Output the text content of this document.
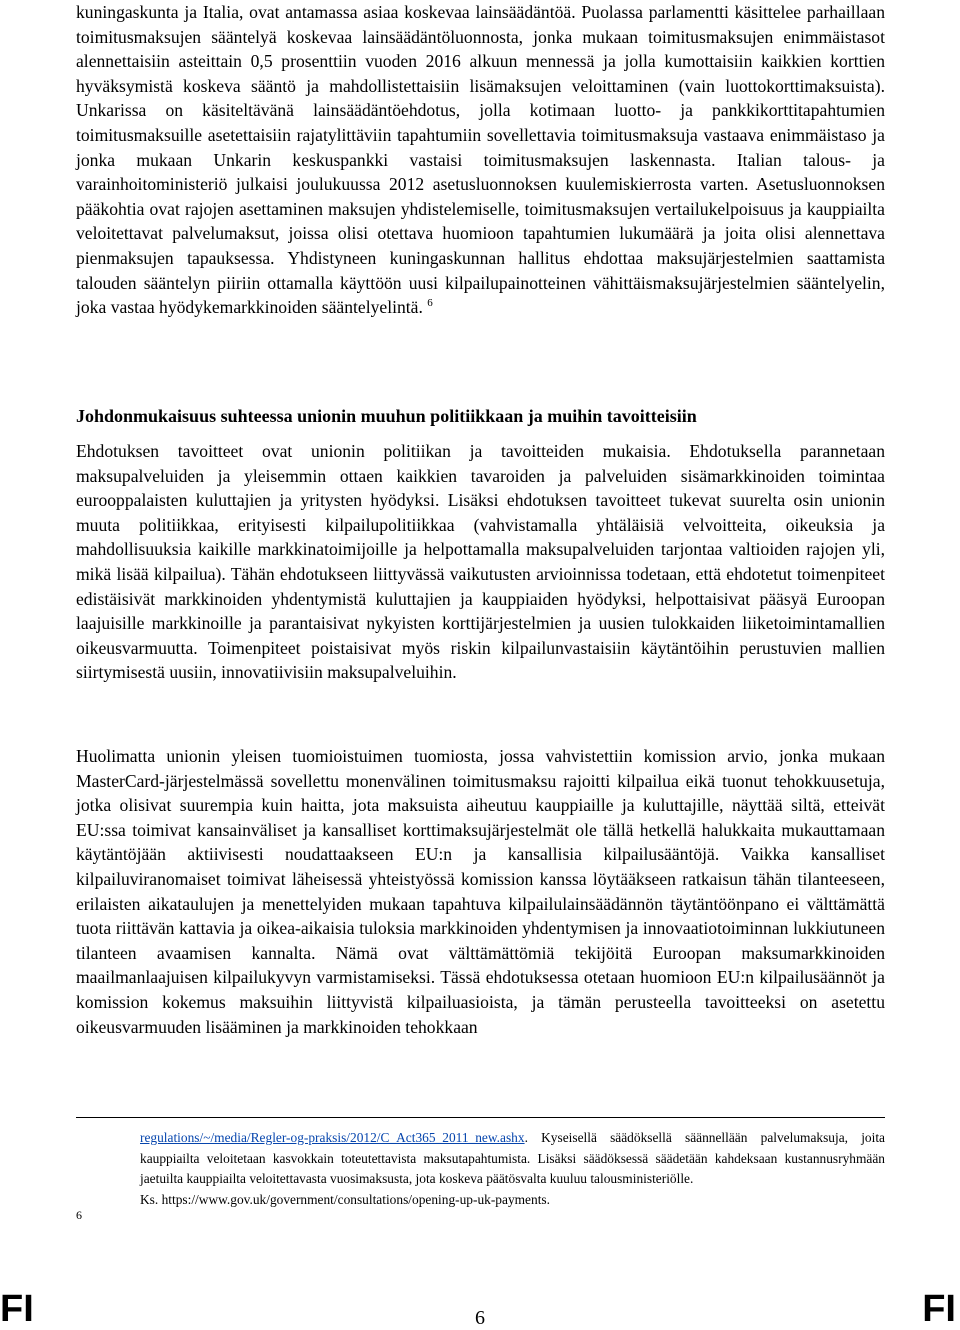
kuningaskunta ja Italia, ovat antamassa asiaa koskevaa lainsäädäntöä. Puolassa parlamentti käsittelee parhaillaan toimitusmaksujen sääntelyä koskevaa lainsäädäntöluonnosta, jonka mukaan toimitusmaksujen enimmäistasot alennettaisiin asteittain 0,5 prosenttiin vuoden 2016 alkuun mennessä ja jolla kumottaisiin kaikkien korttien hyväksymistä koskeva sääntö ja mahdollistettaisiin lisämaksujen veloittaminen (vain luottokorttimaksuista). Unkarissa on käsiteltävänä lainsäädäntöehdotus, jolla kotimaan luotto- ja pankkikorttitapahtumien toimitusmaksuille asetettaisiin rajatylittäviin tapahtumiin sovellettavia toimitusmaksuja vastaava enimmäistaso ja jonka mukaan Unkarin keskuspankki vastaisi toimitusmaksujen laskennasta. Italian talous- ja varainhoitoministeriö julkaisi joulukuussa 2012 asetusluonnoksen kuulemiskierrosta varten. Asetusluonnoksen pääkohtia ovat rajojen asettaminen maksujen yhdistelemiselle, toimitusmaksujen vertailukelpoisuus ja kauppiailta veloitettavat palvelumaksut, joissa olisi otettava huomioon tapahtumien lukumäärä ja joita olisi alennettava pienmaksujen tapauksessa. Yhdistyneen kuningaskunnan hallitus ehdottaa maksujärjestelmien saattamista talouden sääntelyn piiriin ottamalla käyttöön uusi kilpailupainotteinen vähittäismaksujärjestelmien sääntelyelin, joka vastaa hyödykemarkkinoiden sääntelyelintä. $^6$

Johdonmukaisuus suhteessa unionin muuhun politiikkaan ja muihin tavoitteisiin

Ehdotuksen tavoitteet ovat unionin politiikan ja tavoitteiden mukaisia. Ehdotuksella parannetaan maksupalveluiden ja yleisemmin ottaen kaikkien tavaroiden ja palveluiden sisämarkkinoiden toimintaa eurooppalaisten kuluttajien ja yritysten hyödyksi. Lisäksi ehdotuksen tavoitteet tukevat suurelta osin unionin muuta politiikkaa, erityisesti kilpailupolitiikkaa (vahvistamalla yhtäläisiä velvoitteita, oikeuksia ja mahdollisuuksia kaikille markkinatoimijoille ja helpottamalla maksupalveluiden tarjontaa valtioiden rajojen yli, mikä lisää kilpailua). Tähän ehdotukseen liittyvässä vaikutusten arvioinnissa todetaan, että ehdotetut toimenpiteet edistäisivät markkinoiden yhdentymistä kuluttajien ja kauppiaiden hyödyksi, helpottaisivat pääsyä Euroopan laajuisille markkinoille ja parantaisivat nykyisten korttijärjestelmien ja uusien tulokkaiden liiketoimintamallien oikeusvarmuutta. Toimenpiteet poistaisivat myös riskin kilpailunvastaisiin käytäntöihin perustuvien mallien siirtymisestä uusiin, innovatiivisiin maksupalveluihin.

Huolimatta unionin yleisen tuomioistuimen tuomiosta, jossa vahvistettiin komission arvio, jonka mukaan MasterCard-järjestelmässä sovellettu monenvälinen toimitusmaksu rajoitti kilpailua eikä tuonut tehokkuusetuja, jotka olisivat suurempia kuin haitta, jota maksuista aiheutuu kauppiaille ja kuluttajille, näyttää siltä, etteivät EU:ssa toimivat kansainväliset ja kansalliset korttimaksujärjestelmät ole tällä hetkellä halukkaita mukauttamaan käytäntöjään aktiivisesti noudattaakseen EU:n ja kansallisia kilpailusääntöjä. Vaikka kansalliset kilpailuviranomaiset toimivat läheisessä yhteistyössä komission kanssa löytääkseen ratkaisun tähän tilanteeseen, erilaisten aikataulujen ja menettelyiden mukaan tapahtuva kilpailulainsäädännön täytäntöönpano ei välttämättä tuota riittävän kattavia ja oikea-aikaisia tuloksia markkinoiden yhdentymisen ja innovaatiotoiminnan lukkiutuneen tilanteen avaamisen kannalta. Nämä ovat välttämättömiä tekijöitä Euroopan maksumarkkinoiden maailmanlaajuisen kilpailukyvyn varmistamiseksi. Tässä ehdotuksessa otetaan huomioon EU:n kilpailusäännöt ja komission kokemus maksuihin liittyvistä kilpailuasioista, ja tämän perusteella tavoitteeksi on asetettu oikeusvarmuuden lisääminen ja markkinoiden tehokkaan

6
regulations/~/media/Regler-og-praksis/2012/C_Act365_2011_new.ashx. Kyseisellä säädöksellä säännellään palvelumaksuja, joita kauppiailta veloitetaan kasvokkain toteutettavista maksutapahtumista. Lisäksi säädöksessä säädetään kahdeksaan kustannusryhmään jaetuilta kauppiailta veloitettavasta vuosimaksusta, jota koskeva päätösvalta kuuluu talousministeriölle.
Ks. https://www.gov.uk/government/consultations/opening-up-uk-payments.
FI	6	FI
